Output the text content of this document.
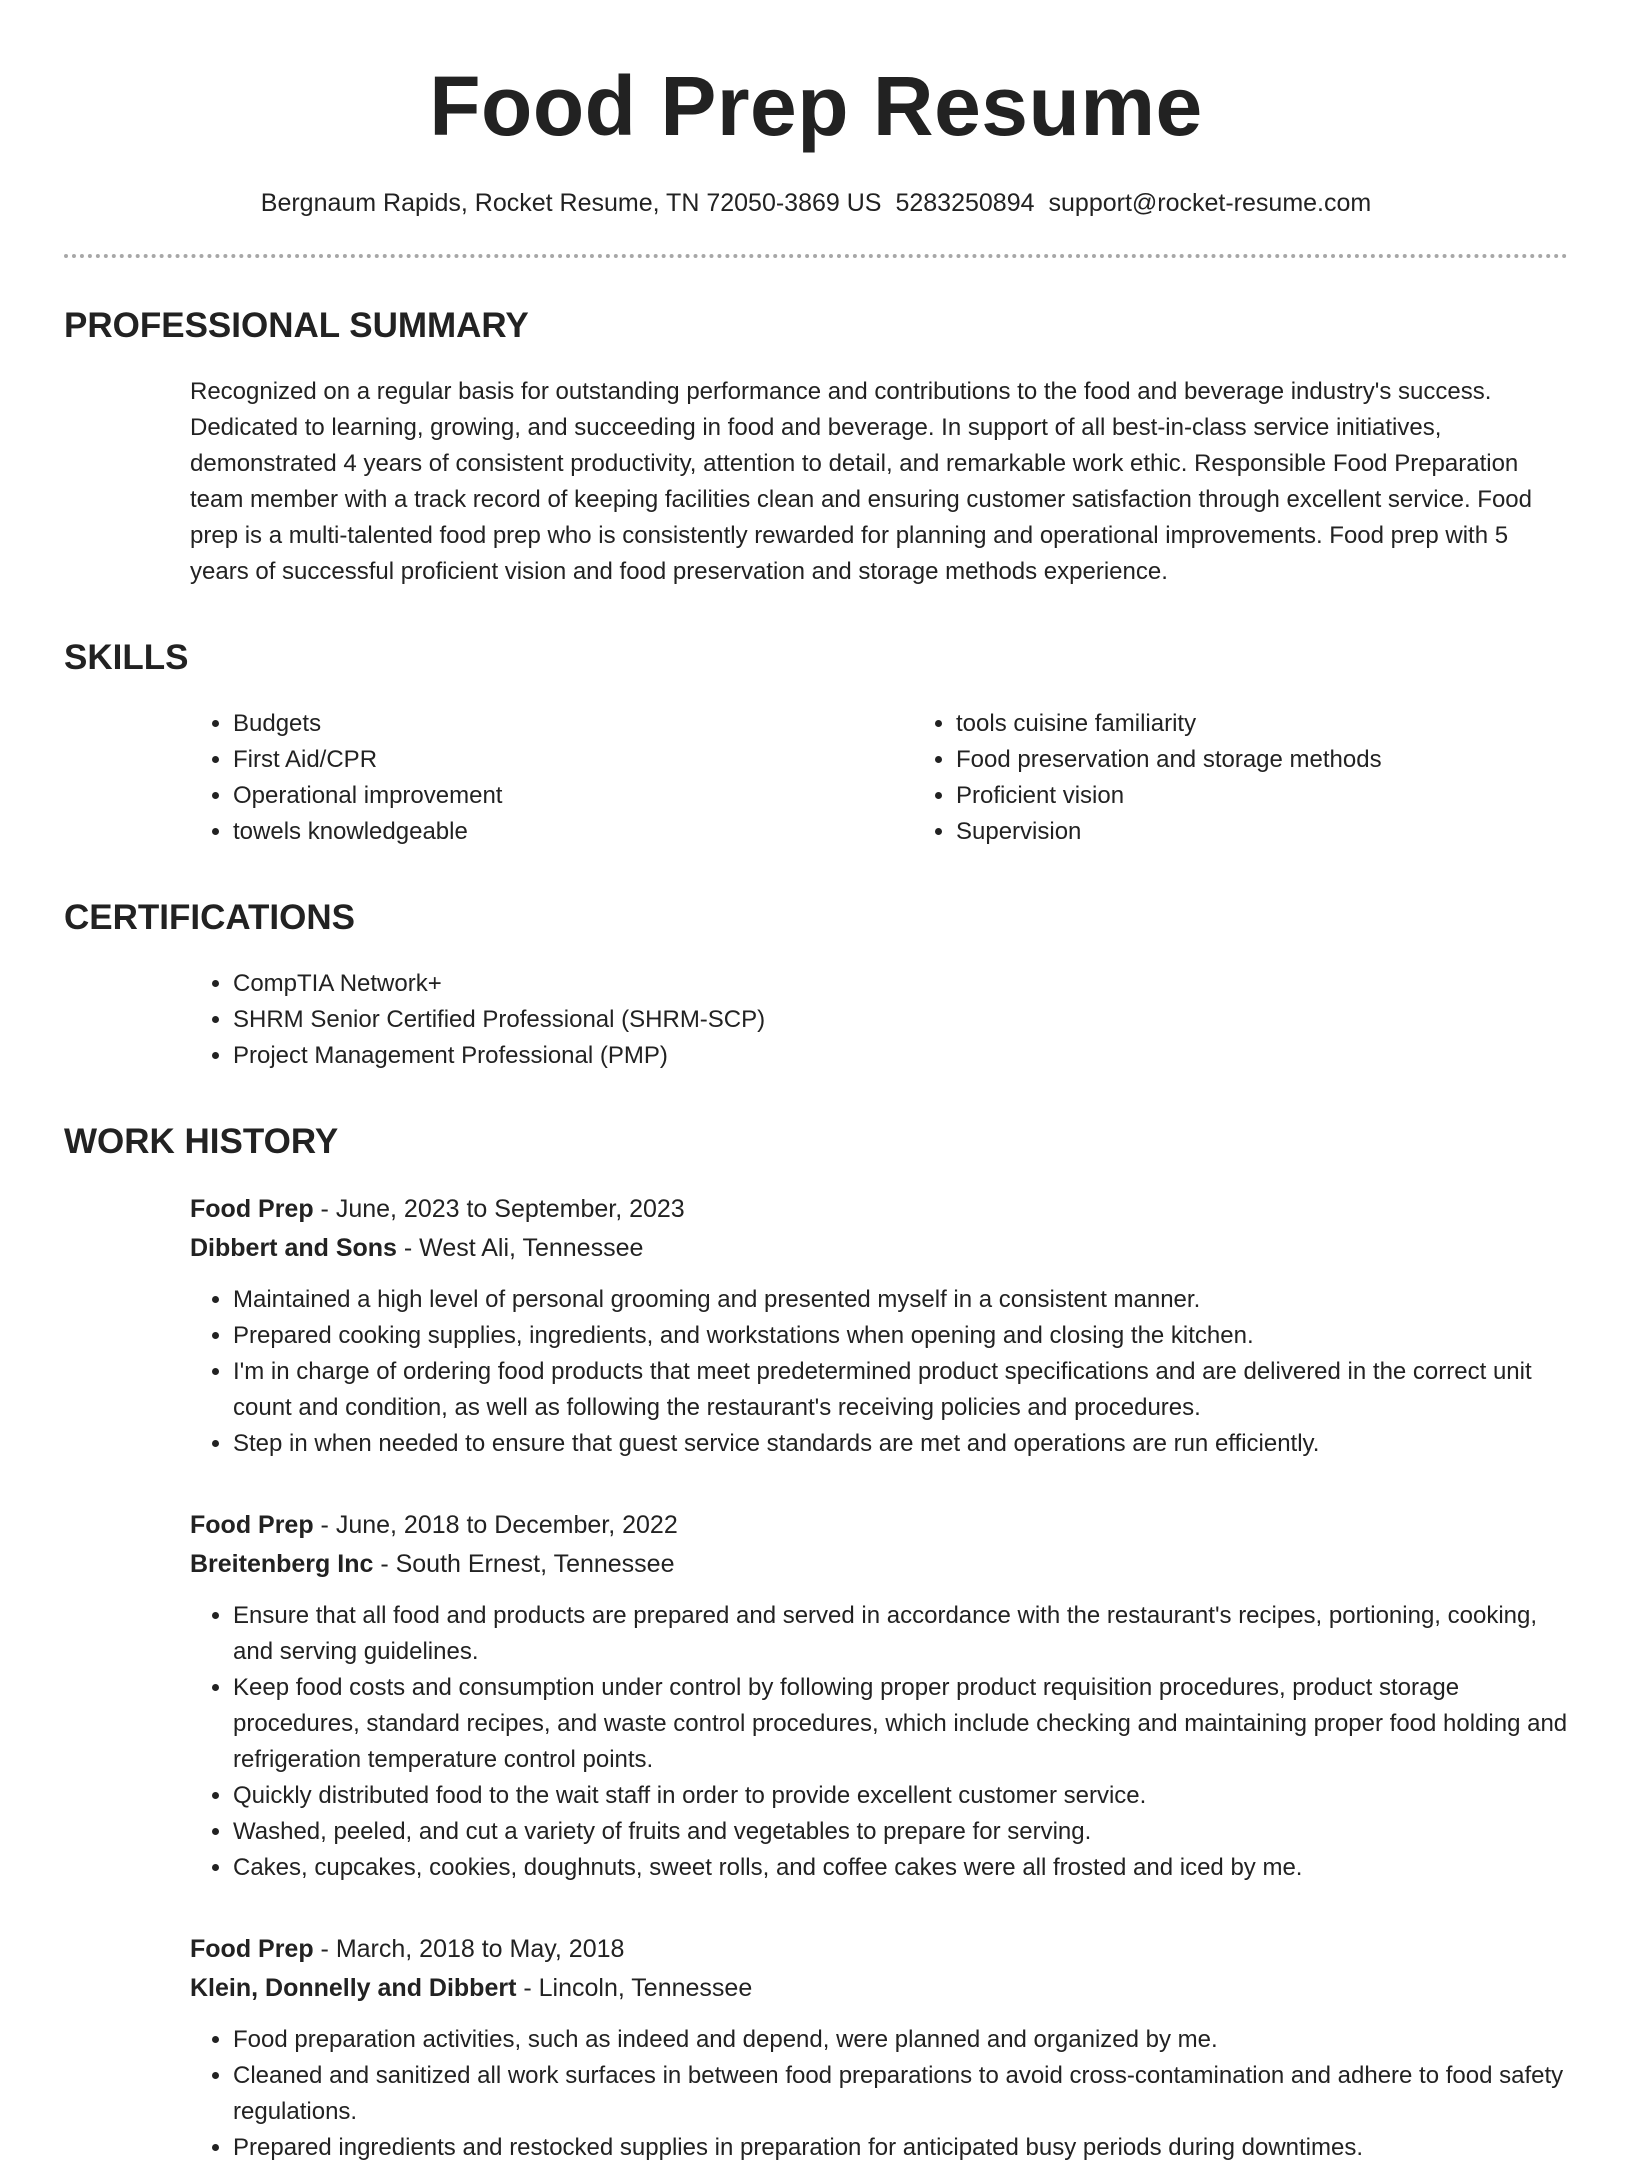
Food Prep Resume
Bergnaum Rapids, Rocket Resume, TN 72050-3869 US 5283250894 support@rocket-resume.com
PROFESSIONAL SUMMARY
Recognized on a regular basis for outstanding performance and contributions to the food and beverage industry's success. Dedicated to learning, growing, and succeeding in food and beverage. In support of all best-in-class service initiatives, demonstrated 4 years of consistent productivity, attention to detail, and remarkable work ethic. Responsible Food Preparation team member with a track record of keeping facilities clean and ensuring customer satisfaction through excellent service. Food prep is a multi-talented food prep who is consistently rewarded for planning and operational improvements. Food prep with 5 years of successful proficient vision and food preservation and storage methods experience.
SKILLS
• Budgets
• First Aid/CPR
• Operational improvement
• towels knowledgeable
• tools cuisine familiarity
• Food preservation and storage methods
• Proficient vision
• Supervision
CERTIFICATIONS
• CompTIA Network+
• SHRM Senior Certified Professional (SHRM-SCP)
• Project Management Professional (PMP)
WORK HISTORY
Food Prep - June, 2023 to September, 2023
Dibbert and Sons - West Ali, Tennessee
• Maintained a high level of personal grooming and presented myself in a consistent manner.
• Prepared cooking supplies, ingredients, and workstations when opening and closing the kitchen.
• I'm in charge of ordering food products that meet predetermined product specifications and are delivered in the correct unit count and condition, as well as following the restaurant's receiving policies and procedures.
• Step in when needed to ensure that guest service standards are met and operations are run efficiently.
Food Prep - June, 2018 to December, 2022
Breitenberg Inc - South Ernest, Tennessee
• Ensure that all food and products are prepared and served in accordance with the restaurant's recipes, portioning, cooking, and serving guidelines.
• Keep food costs and consumption under control by following proper product requisition procedures, product storage procedures, standard recipes, and waste control procedures, which include checking and maintaining proper food holding and refrigeration temperature control points.
• Quickly distributed food to the wait staff in order to provide excellent customer service.
• Washed, peeled, and cut a variety of fruits and vegetables to prepare for serving.
• Cakes, cupcakes, cookies, doughnuts, sweet rolls, and coffee cakes were all frosted and iced by me.
Food Prep - March, 2018 to May, 2018
Klein, Donnelly and Dibbert - Lincoln, Tennessee
• Food preparation activities, such as indeed and depend, were planned and organized by me.
• Cleaned and sanitized all work surfaces in between food preparations to avoid cross-contamination and adhere to food safety regulations.
• Prepared ingredients and restocked supplies in preparation for anticipated busy periods during downtimes.
